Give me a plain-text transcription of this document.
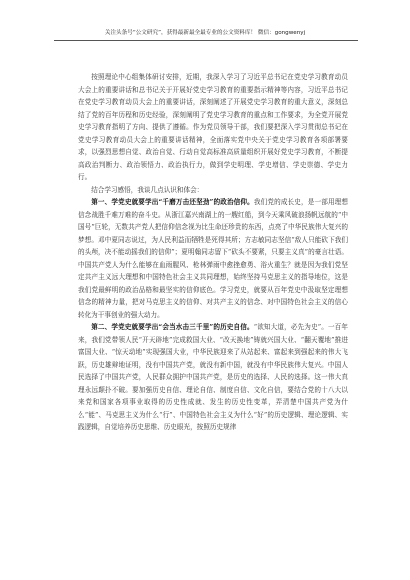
关注头条号“公文研究”，获得最新最全最专业的公文资料库！ 微信：gongwenyj

按照理论中心组集体研讨安排，近期，我深入学习了习近平总书记在党史学习教育动员大会上的重要讲话和总书记关于开展好党史学习教育的重要指示精神等内容，习近平总书记在党史学习教育动员大会上的重要讲话，深刻阐述了开展党史学习教育的重大意义，深刻总结了党的百年历程和历史经验，深刻阐明了党史学习教育的重点和工作要求，为全党开展党史学习教育指明了方向、提供了遵循。作为党员领导干部，我们要把深入学习贯彻总书记在党史学习教育动员大会上的重要讲话精神，全面落实党中央关于党史学习教育各项部署要求，以强烈思想自觉、政治自觉、行动自觉高标准高质量组织开展好党史学习教育，不断提高政治判断力、政治领悟力、政治执行力，做到学史明理、学史增信、学史崇德、学史力行。

结合学习感悟，我谈几点认识和体会：

第一、学党史就要学出“千磨万击还坚劲”的政治信仰。我们党的成长史，是一部用理想信念战胜千难万难的奋斗史。从浙江嘉兴南湖上的一艘红船，到今天乘风破浪扬帆远航的“中国号”巨轮，无数共产党人把信仰信念视为比生命还珍贵的东西，点亮了中华民族伟大复兴的梦想。邓中夏同志说过，为人民利益而牺牲是死得其所；方志敏同志坚信“敌人只能砍下我们的头颅，决不能动摇我们的信仰”；夏明翰同志留下“砍头不要紧，只要主义真”的豪言壮语。中国共产党人为什么能够在血雨腥风、枪林弹雨中愈挫愈勇、浴火重生？就是因为我们党坚定共产主义远大理想和中国特色社会主义共同理想，始终坚持马克思主义的指导地位，这是我们党最鲜明的政治品格和最坚实的信仰底色。学习党史，就要从百年党史中汲取坚定理想信念的精神力量，把对马克思主义的信仰、对共产主义的信念、对中国特色社会主义的信心转化为干事创业的强大动力。

第二、学党史就要学出“会当水击三千里”的历史自信。“欲知大道，必先为史”。一百年来，我们党带领人民“开天辟地”完成救国大业、“改天换地”铸就兴国大业、“翻天覆地”推进富国大业、“惊天动地”实现强国大业，中华民族迎来了从站起来、富起来到强起来的伟大飞跃，历史雄辩地证明，没有中国共产党，就没有新中国，就没有中华民族伟大复兴。中国人民选择了中国共产党，人民群众拥护中国共产党，是历史的选择、人民的选择。这一伟大真理永远颠扑不破。要加强历史自信、理论自信、制度自信、文化自信，要结合党的十八大以来党和国家各项事业取得的历史性成就、发生的历史性变革，弄清楚中国共产党为什么“能”、马克思主义为什么“行”、中国特色社会主义为什么“好”的历史逻辑、理论逻辑、实践逻辑，自觉培养历史思维、历史眼光，按照历史规律
